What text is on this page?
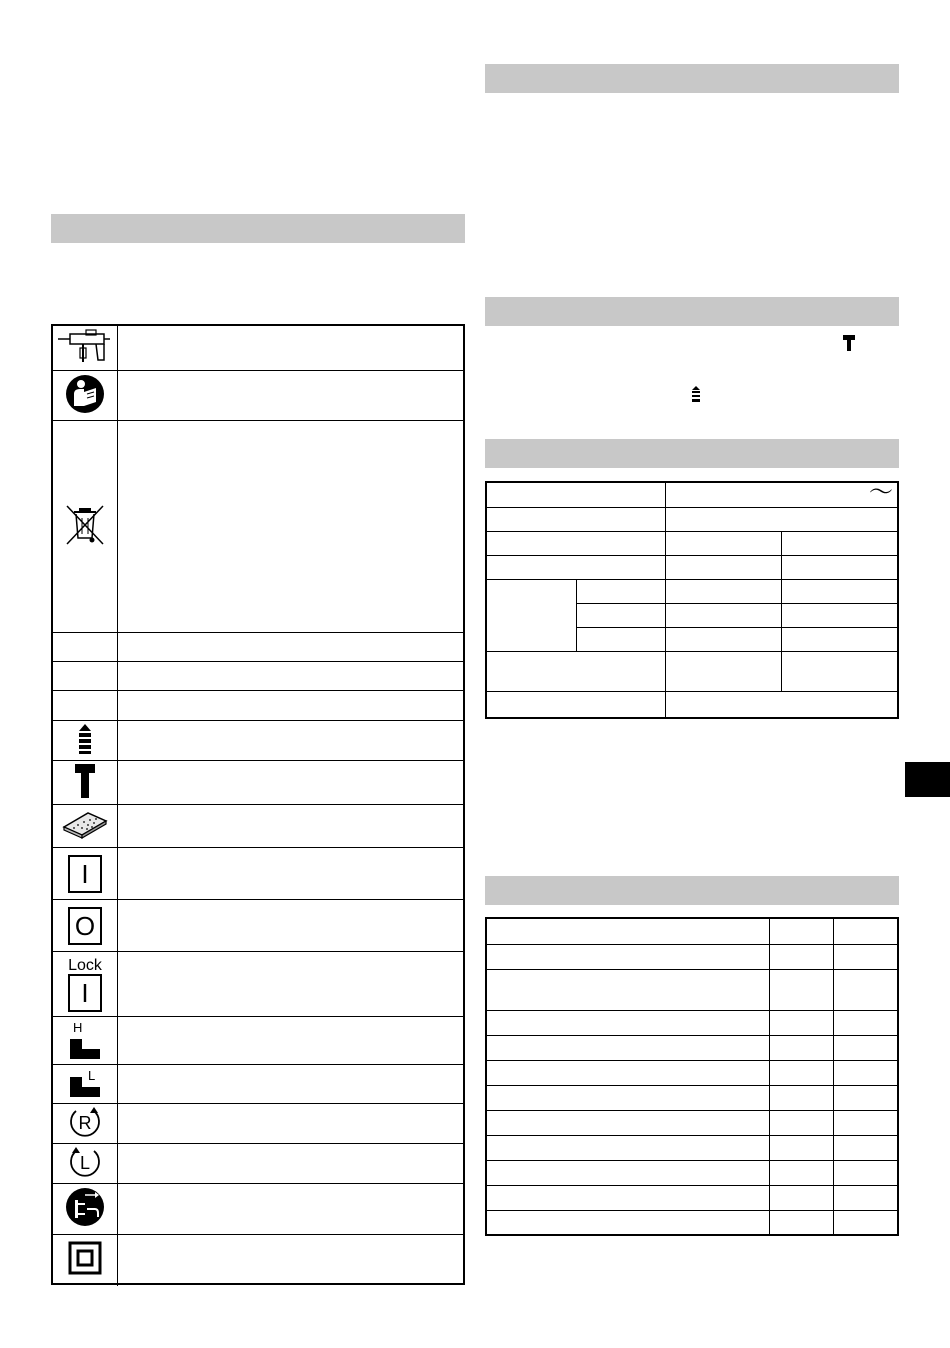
I
O
Lock
I
H
L
R
L
～
